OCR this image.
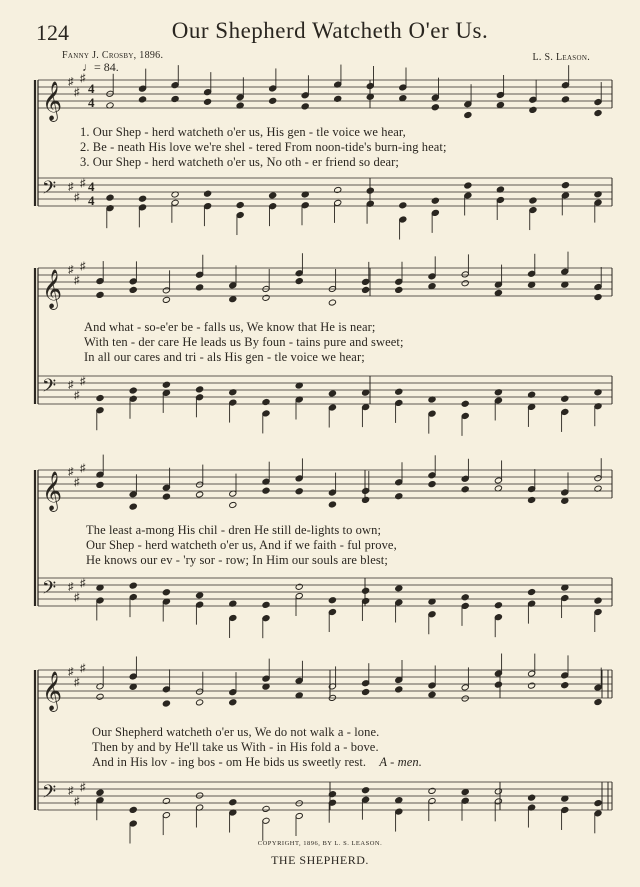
124	Our Shepherd Watcheth O'er Us.
Fanny J. Crosby, 1896.	L. S. Leason.
♩= 84.
𝄞 ♯
♯
♯
4
4
𝄢 ♯
♯
♯ 4
4
𝄞 ♯
♯
♯
𝄢 ♯
♯
♯
𝄞 ♯
♯
♯
𝄢 ♯
♯
♯
𝄞 ♯
♯
♯
𝄢 ♯
♯
♯
1. Our Shep - herd watcheth o'er us, His gen - tle voice we hear,
2. Be - neath His love we're shel - tered From noon-tide's burn-ing heat;
3. Our Shep - herd watcheth o'er us, No oth - er friend so dear;
And what - so-e'er be - falls us, We know that He is near;
With ten - der care He leads us By foun - tains pure and sweet;
In all our cares and tri - als His gen - tle voice we hear;
The least a-mong His chil - dren He still de-lights to own;
Our Shep - herd watcheth o'er us, And if we faith - ful prove,
He knows our ev - 'ry sor - row; In Him our souls are blest;
Our Shepherd watcheth o'er us, We do not walk a - lone.
Then by and by He'll take us With - in His fold a - bove.
And in His lov - ing bos - om He bids us sweetly rest. A - men.
COPYRIGHT, 1896, BY L. S. LEASON.
THE SHEPHERD.
